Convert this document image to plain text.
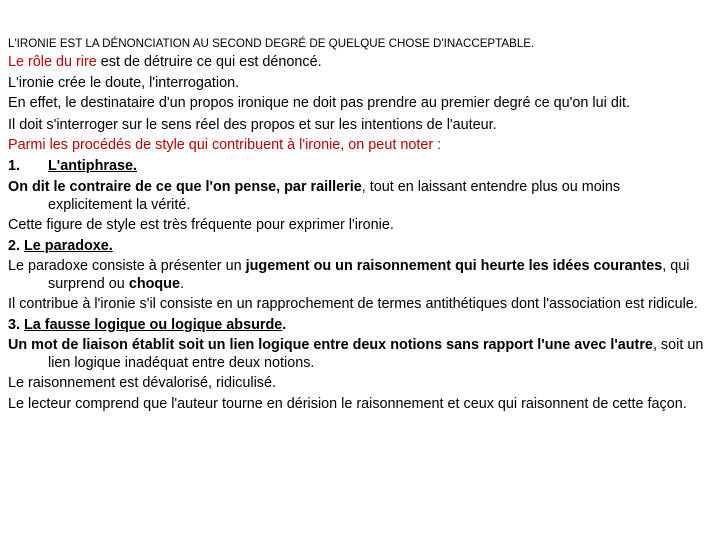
L'IRONIE EST LA DÉNONCIATION AU SECOND DEGRÉ DE QUELQUE CHOSE D'INACCEPTABLE.

Le rôle du rire est de détruire ce qui est dénoncé.

L'ironie crée le doute, l'interrogation.

En effet, le destinataire d'un propos ironique ne doit pas prendre au premier degré ce qu'on lui dit.

Il doit s'interroger sur le sens réel des propos et sur les intentions de l'auteur.

Parmi les procédés de style qui contribuent à l'ironie, on peut noter :

1. L'antiphrase.

On dit le contraire de ce que l'on pense, par raillerie, tout en laissant entendre plus ou moins explicitement la vérité.

Cette figure de style est très fréquente pour exprimer l'ironie.

2. Le paradoxe.

Le paradoxe consiste à présenter un jugement ou un raisonnement qui heurte les idées courantes, qui surprend ou choque.

Il contribue à l'ironie s'il consiste en un rapprochement de termes antithétiques dont l'association est ridicule.

3. La fausse logique ou logique absurde.

Un mot de liaison établit soit un lien logique entre deux notions sans rapport l'une avec l'autre, soit un lien logique inadéquat entre deux notions.

Le raisonnement est dévalorisé, ridiculisé.

Le lecteur comprend que l'auteur tourne en dérision le raisonnement et ceux qui raisonnent de cette façon.
